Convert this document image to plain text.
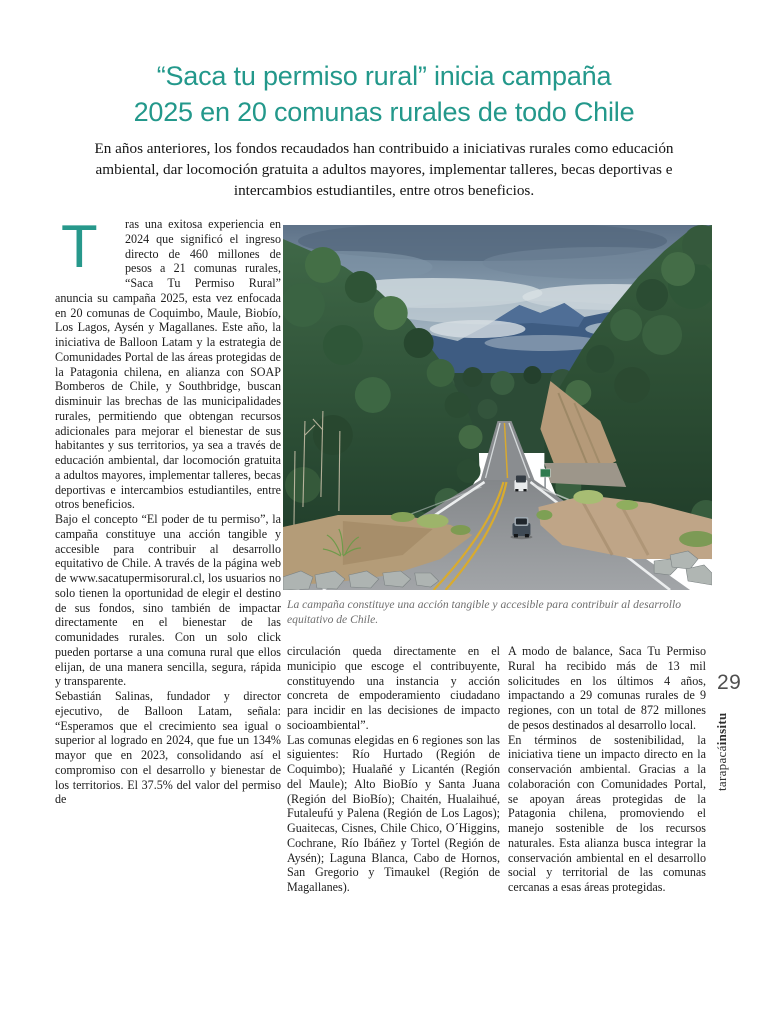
“Saca tu permiso rural” inicia campaña
2025 en 20 comunas rurales de todo Chile
En años anteriores, los fondos recaudados han contribuido a iniciativas rurales como educación ambiental, dar locomoción gratuita a adultos mayores, implementar talleres, becas deportivas e intercambios estudiantiles, entre otros beneficios.

T	ras una exitosa experiencia en 2024 que significó el ingreso directo de 460 millones de pesos a 21 comunas rurales, “Saca Tu Permiso Rural” anuncia su campaña 2025, esta vez enfocada en 20 comunas de Coquimbo, Maule, Biobío, Los Lagos, Aysén y Magallanes. Este año, la iniciativa de Balloon Latam y la estrategia de Comunidades Portal de las áreas protegidas de la Patagonia chilena, en alianza con SOAP Bomberos de Chile, y Southbridge, buscan disminuir las brechas de las municipalidades rurales, permitiendo que obtengan recursos adicionales para mejorar el bienestar de sus habitantes y sus territorios, ya sea a través de educación ambiental, dar locomoción gratuita a adultos mayores, implementar talleres, becas deportivas e intercambios estudiantiles, entre otros beneficios.

Bajo el concepto “El poder de tu permiso”, la campaña constituye una acción tangible y accesible para contribuir al desarrollo equitativo de Chile. A través de la página web de www.sacatupermisorural.cl, los usuarios no solo tienen la oportunidad de elegir el destino de sus fondos, sino también de impactar directamente en el bienestar de las comunidades rurales. Con un solo click pueden portarse a una comuna rural que ellos elijan, de una manera sencilla, segura, rápida y transparente.

Sebastián Salinas, fundador y director ejecutivo, de Balloon Latam, señala: “Esperamos que el crecimiento sea igual o superior al logrado en 2024, que fue un 134% mayor que en 2023, consolidando así el compromiso con el desarrollo y bienestar de los territorios. El 37.5% del valor del permiso de

La campaña constituye una acción tangible y accesible para contribuir al desarrollo equitativo de Chile.

circulación queda directamente en el municipio que escoge el contribuyente, constituyendo una instancia y acción concreta de empoderamiento ciudadano para incidir en las decisiones de impacto socioambiental”.

Las comunas elegidas en 6 regiones son las siguientes: Río Hurtado (Región de Coquimbo); Hualañé y Licantén (Región del Maule); Alto BioBío y Santa Juana (Región del BioBío); Chaitén, Hualaihué, Futaleufú y Palena (Región de Los Lagos); Guaitecas, Cisnes, Chile Chico, O´Higgins, Cochrane, Río Ibáñez y Tortel (Región de Aysén); Laguna Blanca, Cabo de Hornos, San Gregorio y Timaukel (Región de Magallanes).

A modo de balance, Saca Tu Permiso Rural ha recibido más de 13 mil solicitudes en los últimos 4 años, impactando a 29 comunas rurales de 9 regiones, con un total de 872 millones de pesos destinados al desarrollo local.

En términos de sostenibilidad, la iniciativa tiene un impacto directo en la conservación ambiental. Gracias a la colaboración con Comunidades Portal, se apoyan áreas protegidas de la Patagonia chilena, promoviendo el manejo sostenible de los recursos naturales. Esta alianza busca integrar la conservación ambiental en el desarrollo social y territorial de las comunas cercanas a esas áreas protegidas.

29
tarapacáinsitu
